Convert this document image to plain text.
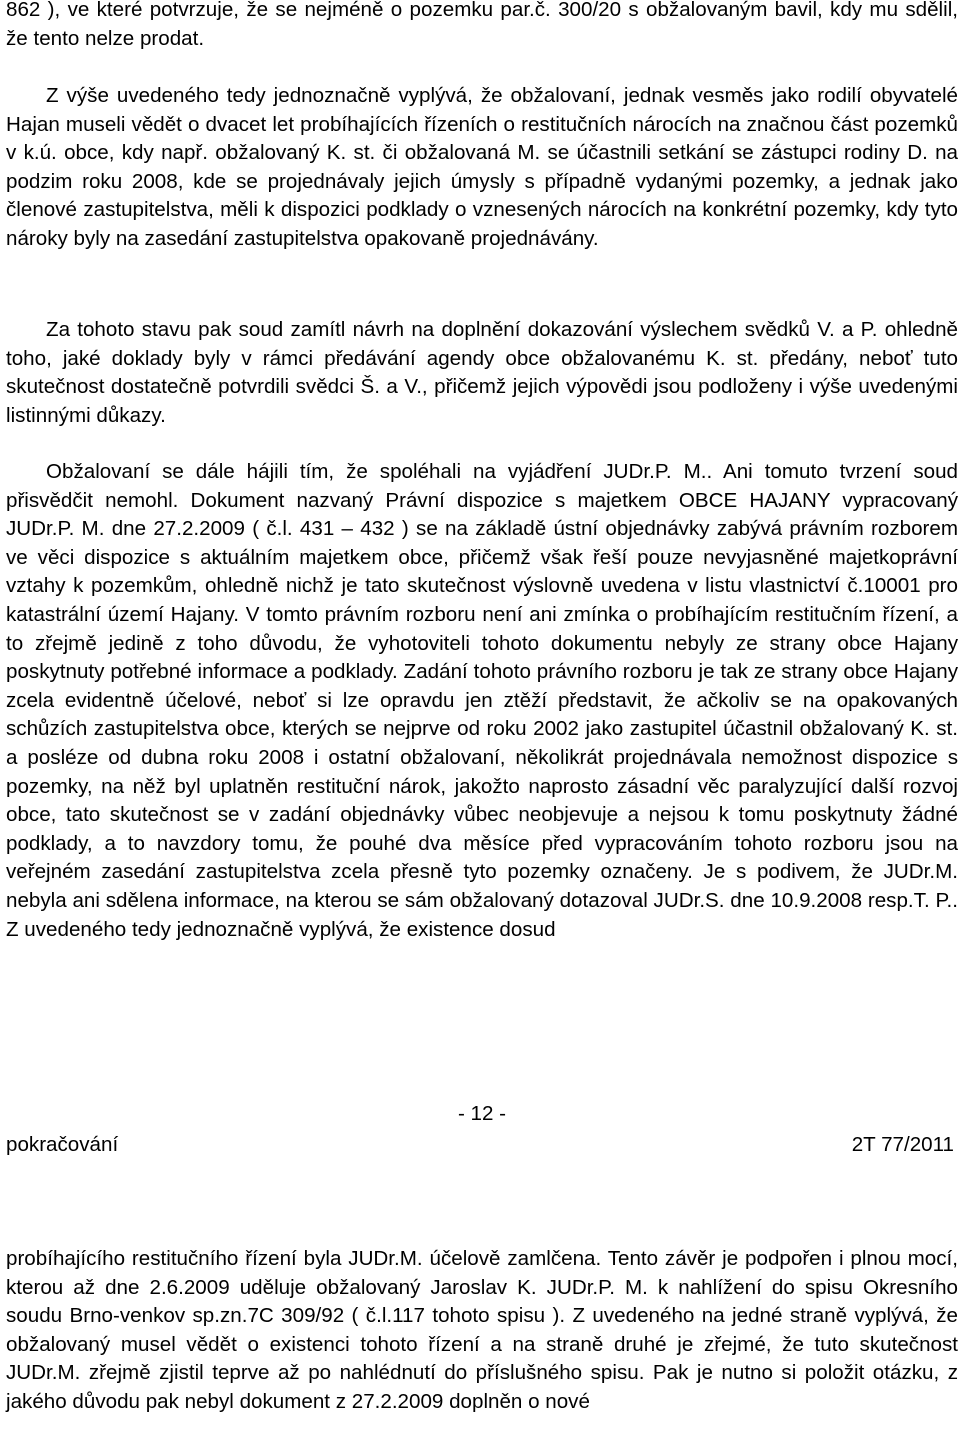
862 ), ve které potvrzuje, že se nejméně o pozemku par.č. 300/20 s obžalovaným bavil, kdy mu sdělil, že tento nelze prodat.

Z výše uvedeného tedy jednoznačně vyplývá, že obžalovaní, jednak vesměs jako rodilí obyvatelé Hajan museli vědět o dvacet let probíhajících řízeních o restitučních nárocích na značnou část pozemků v k.ú. obce, kdy např. obžalovaný K. st. či obžalovaná M. se účastnili setkání se zástupci rodiny D. na podzim roku 2008, kde se projednávaly jejich úmysly s případně vydanými pozemky, a jednak jako členové zastupitelstva, měli k dispozici podklady o vznesených nárocích na konkrétní pozemky, kdy tyto nároky byly na zasedání zastupitelstva opakovaně projednávány.

Za tohoto stavu pak soud zamítl návrh na doplnění dokazování výslechem svědků V. a P. ohledně toho, jaké doklady byly v rámci předávání agendy obce obžalovanému K. st. předány, neboť tuto skutečnost dostatečně potvrdili svědci Š. a V., přičemž jejich výpovědi jsou podloženy i výše uvedenými listinnými důkazy.

Obžalovaní se dále hájili tím, že spoléhali na vyjádření JUDr.P. M.. Ani tomuto tvrzení soud přisvědčit nemohl. Dokument nazvaný Právní dispozice s majetkem OBCE HAJANY vypracovaný JUDr.P. M. dne 27.2.2009 ( č.l. 431 – 432 ) se na základě ústní objednávky zabývá právním rozborem ve věci dispozice s aktuálním majetkem obce, přičemž však řeší pouze nevyjasněné majetkoprávní vztahy k pozemkům, ohledně nichž je tato skutečnost výslovně uvedena v listu vlastnictví č.10001 pro katastrální území Hajany. V tomto právním rozboru není ani zmínka o probíhajícím restitučním řízení, a to zřejmě jedině z toho důvodu, že vyhotoviteli tohoto dokumentu nebyly ze strany obce Hajany poskytnuty potřebné informace a podklady. Zadání tohoto právního rozboru je tak ze strany obce Hajany zcela evidentně účelové, neboť si lze opravdu jen ztěží představit, že ačkoliv se na opakovaných schůzích zastupitelstva obce, kterých se nejprve od roku 2002 jako zastupitel účastnil obžalovaný K. st. a posléze od dubna roku 2008 i ostatní obžalovaní, několikrát projednávala nemožnost dispozice s pozemky, na něž byl uplatněn restituční nárok, jakožto naprosto zásadní věc paralyzující další rozvoj obce, tato skutečnost se v zadání objednávky vůbec neobjevuje a nejsou k tomu poskytnuty žádné podklady, a to navzdory tomu, že pouhé dva měsíce před vypracováním tohoto rozboru jsou na veřejném zasedání zastupitelstva zcela přesně tyto pozemky označeny. Je s podivem, že JUDr.M. nebyla ani sdělena informace, na kterou se sám obžalovaný dotazoval JUDr.S. dne 10.9.2008 resp.T. P.. Z uvedeného tedy jednoznačně vyplývá, že existence dosud

- 12 -
pokračování	2T 77/2011

probíhajícího restitučního řízení byla JUDr.M. účelově zamlčena. Tento závěr je podpořen i plnou mocí, kterou až dne 2.6.2009 uděluje obžalovaný Jaroslav K. JUDr.P. M. k nahlížení do spisu Okresního soudu Brno-venkov sp.zn.7C 309/92 ( č.l.117 tohoto spisu ). Z uvedeného na jedné straně vyplývá, že obžalovaný musel vědět o existenci tohoto řízení a na straně druhé je zřejmé, že tuto skutečnost JUDr.M. zřejmě zjistil teprve až po nahlédnutí do příslušného spisu. Pak je nutno si položit otázku, z jakého důvodu pak nebyl dokument z 27.2.2009 doplněn o nové
